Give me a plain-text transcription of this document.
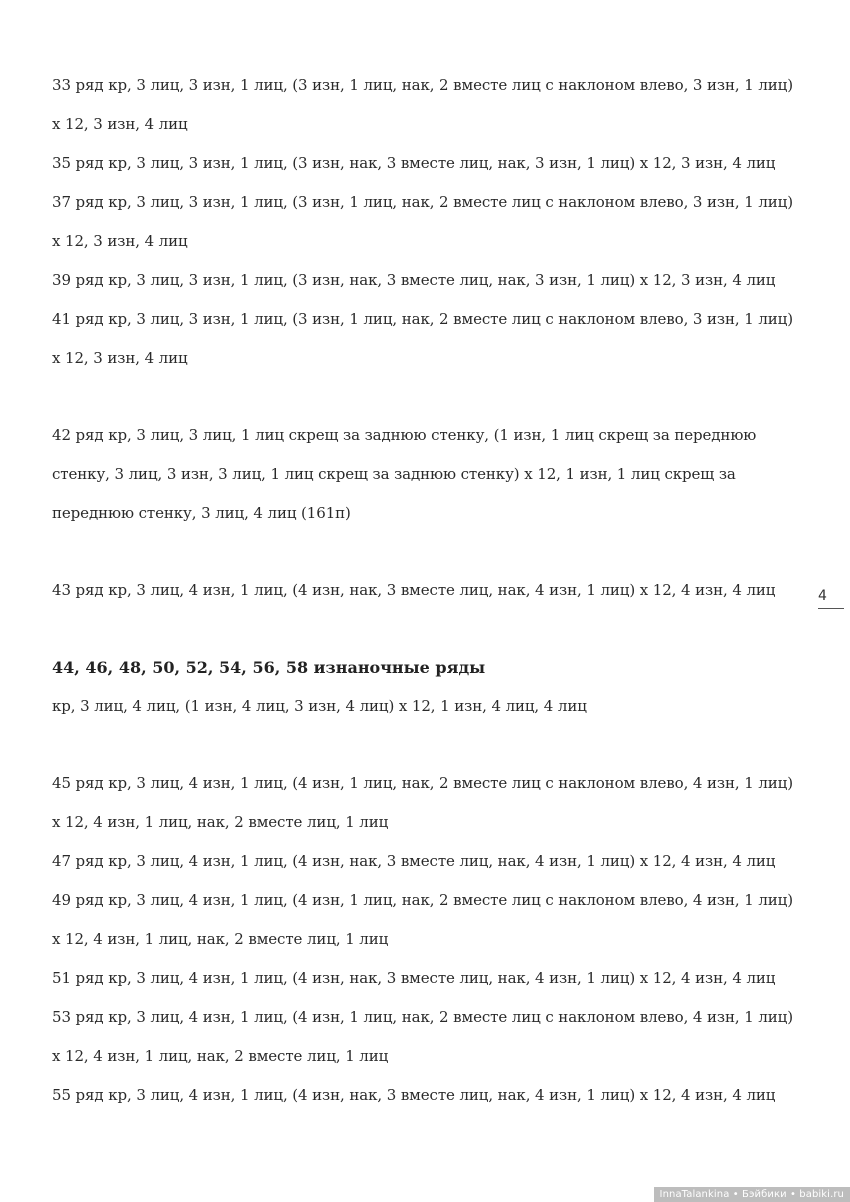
33 ряд кр, 3 лиц, 3 изн, 1 лиц, (3 изн, 1 лиц, нак, 2 вместе лиц с наклоном влево, 3 изн, 1 лиц)
х 12, 3 изн, 4 лиц
35 ряд кр, 3 лиц, 3 изн, 1 лиц, (3 изн, нак, 3 вместе лиц, нак, 3 изн, 1 лиц) х 12, 3 изн, 4 лиц
37 ряд кр, 3 лиц, 3 изн, 1 лиц, (3 изн, 1 лиц, нак, 2 вместе лиц с наклоном влево, 3 изн, 1 лиц)
х 12, 3 изн, 4 лиц
39 ряд кр, 3 лиц, 3 изн, 1 лиц, (3 изн, нак, 3 вместе лиц, нак, 3 изн, 1 лиц) х 12, 3 изн, 4 лиц
41 ряд кр, 3 лиц, 3 изн, 1 лиц, (3 изн, 1 лиц, нак, 2 вместе лиц с наклоном влево, 3 изн, 1 лиц)
х 12, 3 изн, 4 лиц
42 ряд кр, 3 лиц, 3 лиц, 1 лиц скрещ за заднюю стенку, (1 изн, 1 лиц скрещ за переднюю
стенку, 3 лиц, 3 изн, 3 лиц, 1 лиц скрещ за заднюю стенку) х 12, 1 изн, 1 лиц скрещ за
переднюю стенку, 3 лиц, 4 лиц (161п)
43 ряд кр, 3 лиц, 4 изн, 1 лиц, (4 изн, нак, 3 вместе лиц, нак, 4 изн, 1 лиц) х 12, 4 изн, 4 лиц
44, 46, 48, 50, 52, 54, 56, 58 изнаночные ряды
кр, 3 лиц, 4 лиц, (1 изн, 4 лиц, 3 изн, 4 лиц) х 12, 1 изн, 4 лиц, 4 лиц
45 ряд кр, 3 лиц, 4 изн, 1 лиц, (4 изн, 1 лиц, нак, 2 вместе лиц с наклоном влево, 4 изн, 1 лиц)
х 12, 4 изн, 1 лиц, нак, 2 вместе лиц, 1 лиц
47 ряд кр, 3 лиц, 4 изн, 1 лиц, (4 изн, нак, 3 вместе лиц, нак, 4 изн, 1 лиц) х 12, 4 изн, 4 лиц
49 ряд кр, 3 лиц, 4 изн, 1 лиц, (4 изн, 1 лиц, нак, 2 вместе лиц с наклоном влево, 4 изн, 1 лиц)
х 12, 4 изн, 1 лиц, нак, 2 вместе лиц, 1 лиц
51 ряд кр, 3 лиц, 4 изн, 1 лиц, (4 изн, нак, 3 вместе лиц, нак, 4 изн, 1 лиц) х 12, 4 изн, 4 лиц
53 ряд кр, 3 лиц, 4 изн, 1 лиц, (4 изн, 1 лиц, нак, 2 вместе лиц с наклоном влево, 4 изн, 1 лиц)
х 12, 4 изн, 1 лиц, нак, 2 вместе лиц, 1 лиц
55 ряд кр, 3 лиц, 4 изн, 1 лиц, (4 изн, нак, 3 вместе лиц, нак, 4 изн, 1 лиц) х 12, 4 изн, 4 лиц
4
InnaTalankina • Бэйбики • babiki.ru
